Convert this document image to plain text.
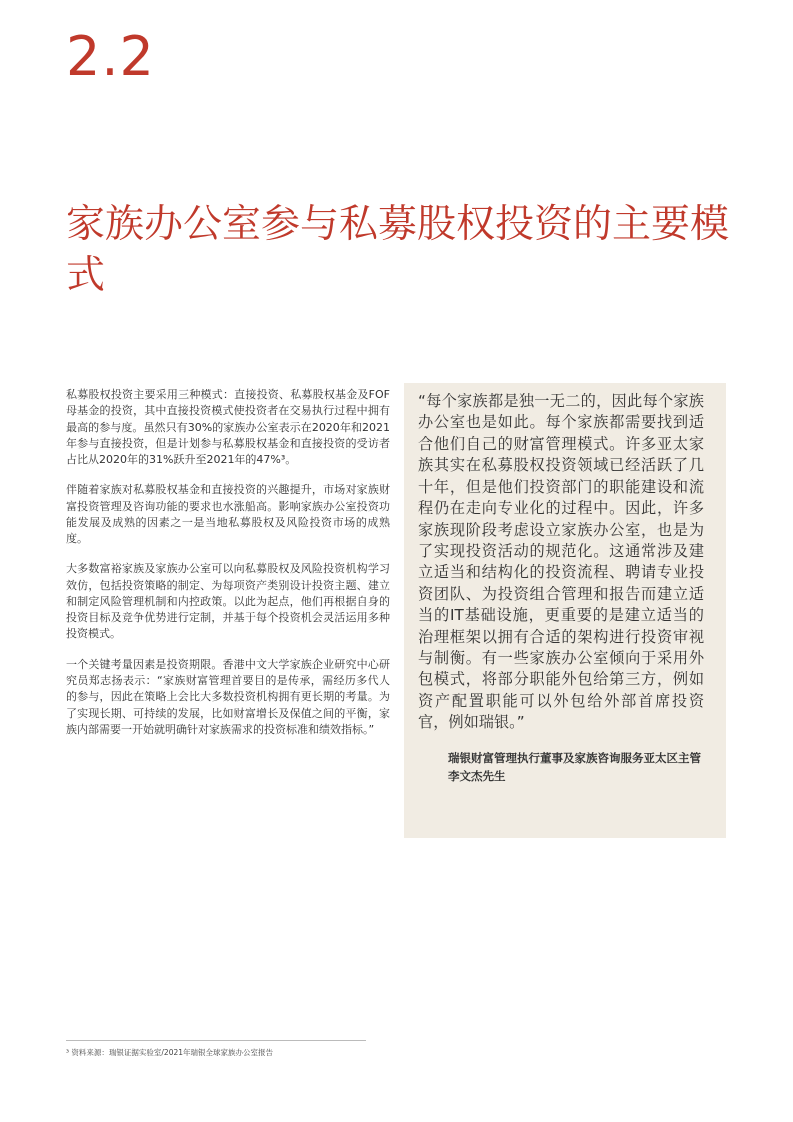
2.2
家族办公室参与私募股权投资的主要模式

私募股权投资主要采用三种模式：直接投资、私募股权基金及FOF母基金的投资，其中直接投资模式使投资者在交易执行过程中拥有最高的参与度。虽然只有30%的家族办公室表示在2020年和2021年参与直接投资，但是计划参与私募股权基金和直接投资的受访者占比从2020年的31%跃升至2021年的47%³。

伴随着家族对私募股权基金和直接投资的兴趣提升，市场对家族财富投资管理及咨询功能的要求也水涨船高。影响家族办公室投资功能发展及成熟的因素之一是当地私募股权及风险投资市场的成熟度。

大多数富裕家族及家族办公室可以向私募股权及风险投资机构学习效仿，包括投资策略的制定、为每项资产类别设计投资主题、建立和制定风险管理机制和内控政策。以此为起点，他们再根据自身的投资目标及竞争优势进行定制，并基于每个投资机会灵活运用多种投资模式。

一个关键考量因素是投资期限。香港中文大学家族企业研究中心研究员郑志扬表示：“家族财富管理首要目的是传承，需经历多代人的参与，因此在策略上会比大多数投资机构拥有更长期的考量。为了实现长期、可持续的发展，比如财富增长及保值之间的平衡，家族内部需要一开始就明确针对家族需求的投资标准和绩效指标。”

“每个家族都是独一无二的，因此每个家族办公室也是如此。每个家族都需要找到适合他们自己的财富管理模式。许多亚太家族其实在私募股权投资领域已经活跃了几十年，但是他们投资部门的职能建设和流程仍在走向专业化的过程中。因此，许多家族现阶段考虑设立家族办公室，也是为了实现投资活动的规范化。这通常涉及建立适当和结构化的投资流程、聘请专业投资团队、为投资组合管理和报告而建立适当的IT基础设施，更重要的是建立适当的治理框架以拥有合适的架构进行投资审视与制衡。有一些家族办公室倾向于采用外包模式，将部分职能外包给第三方，例如资产配置职能可以外包给外部首席投资官，例如瑞银。”

瑞银财富管理执行董事及家族咨询服务亚太区主管李文杰先生
³ 资料来源：瑞银证据实验室/2021年瑞银全球家族办公室报告
